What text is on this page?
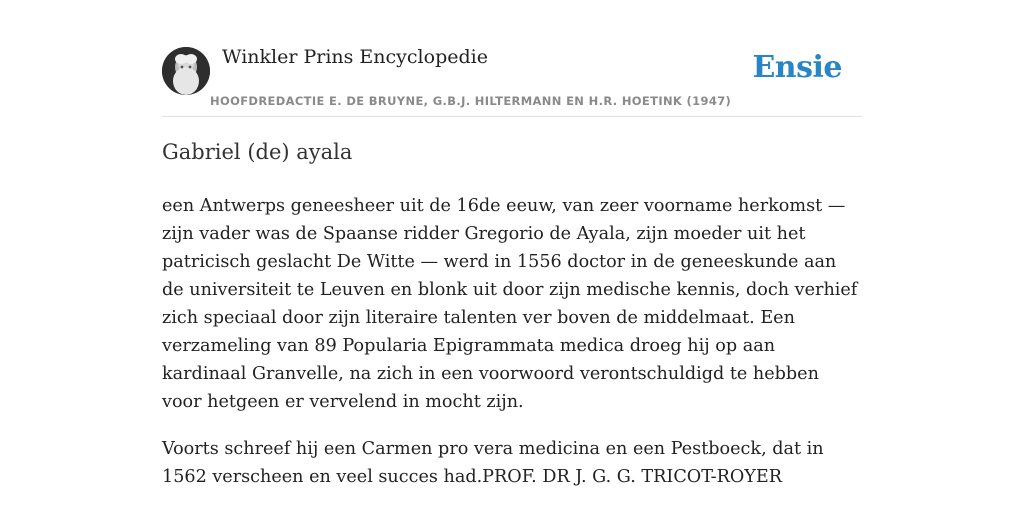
Winkler Prins Encyclopedie
HOOFDREDACTIE E. DE BRUYNE, G.B.J. HILTERMANN EN H.R. HOETINK (1947)
Ensie
Gabriel (de) ayala

een Antwerps geneesheer uit de 16de eeuw, van zeer voorname herkomst — zijn vader was de Spaanse ridder Gregorio de Ayala, zijn moeder uit het patricisch geslacht De Witte — werd in 1556 doctor in de geneeskunde aan de universiteit te Leuven en blonk uit door zijn medische kennis, doch verhief zich speciaal door zijn literaire talenten ver boven de middelmaat. Een verzameling van 89 Popularia Epigrammata medica droeg hij op aan kardinaal Granvelle, na zich in een voorwoord verontschuldigd te hebben voor hetgeen er vervelend in mocht zijn.

Voorts schreef hij een Carmen pro vera medicina en een Pestboeck, dat in 1562 verscheen en veel succes had.PROF. DR J. G. G. TRICOT-ROYER
